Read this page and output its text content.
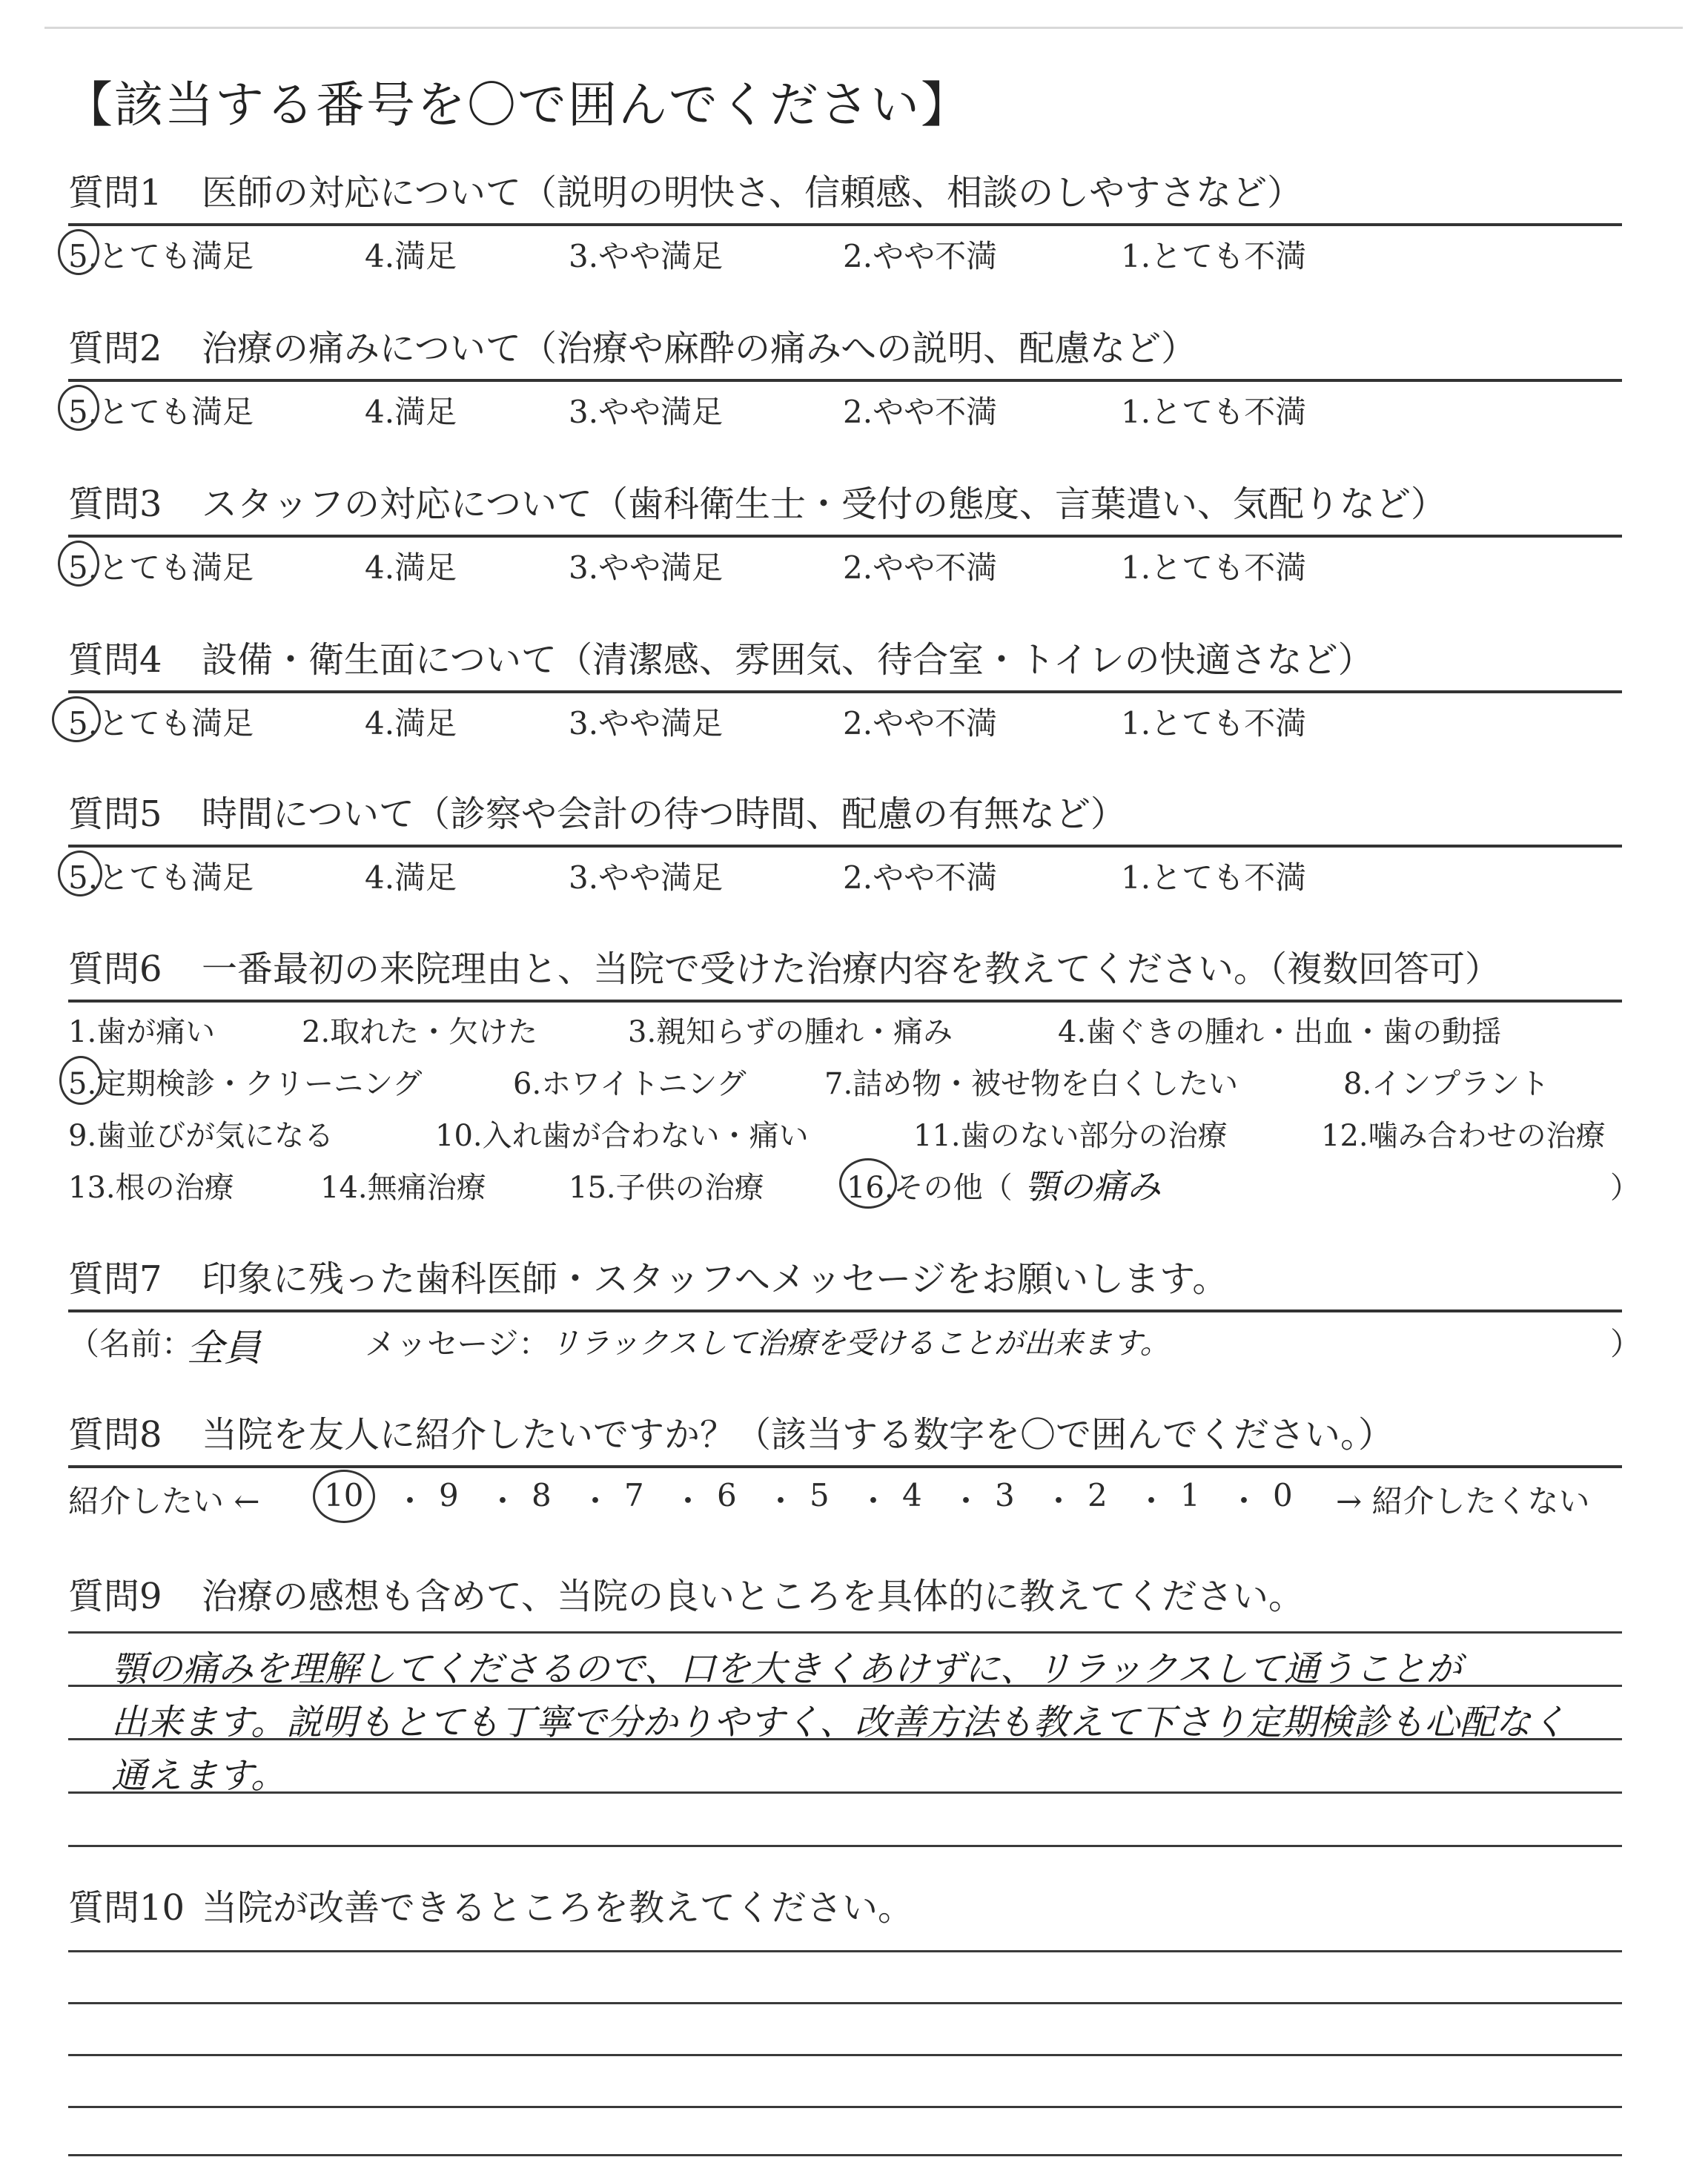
【該当する番号を〇で囲んでください】
質問1 医師の対応について（説明の明快さ、信頼感、相談のしやすさなど）
5.とても満足	4.満足	3.やや満足	2.やや不満	1.とても不満
質問2 治療の痛みについて（治療や麻酔の痛みへの説明、配慮など）
5.とても満足	4.満足	3.やや満足	2.やや不満	1.とても不満
質問3 スタッフの対応について（歯科衛生士・受付の態度、言葉遣い、気配りなど）
5.とても満足	4.満足	3.やや満足	2.やや不満	1.とても不満
質問4 設備・衛生面について（清潔感、雰囲気、待合室・トイレの快適さなど）
5.とても満足	4.満足	3.やや満足	2.やや不満	1.とても不満
質問5 時間について（診察や会計の待つ時間、配慮の有無など）
5.とても満足	4.満足	3.やや満足	2.やや不満	1.とても不満
質問6 一番最初の来院理由と、当院で受けた治療内容を教えてください。（複数回答可）
1.歯が痛い	2.取れた・欠けた	3.親知らずの腫れ・痛み	4.歯ぐきの腫れ・出血・歯の動揺
5.定期検診・クリーニング	6.ホワイトニング	7.詰め物・被せ物を白くしたい	8.インプラント
9.歯並びが気になる	10.入れ歯が合わない・痛い	11.歯のない部分の治療	12.噛み合わせの治療
13.根の治療	14.無痛治療	15.子供の治療	16.その他（ 顎の痛み	）
質問7 印象に残った歯科医師・スタッフへメッセージをお願いします。
（名前：
全員	メッセージ： リラックスして治療を受けることが出来ます。	）
質問8 当院を友人に紹介したいですか？（該当する数字を〇で囲んでください。）
紹介したい ← 10 ・ 9 ・ 8 ・ 7 ・ 6 ・ 5 ・ 4 ・ 3 ・ 2 ・ 1 ・ 0 → 紹介したくない
質問9 治療の感想も含めて、当院の良いところを具体的に教えてください。
顎の痛みを理解してくださるので、口を大きくあけずに、リラックスして通うことが
出来ます。説明もとても丁寧で分かりやすく、改善方法も教えて下さり定期検診も心配なく
通えます。
質問10 当院が改善できるところを教えてください。
